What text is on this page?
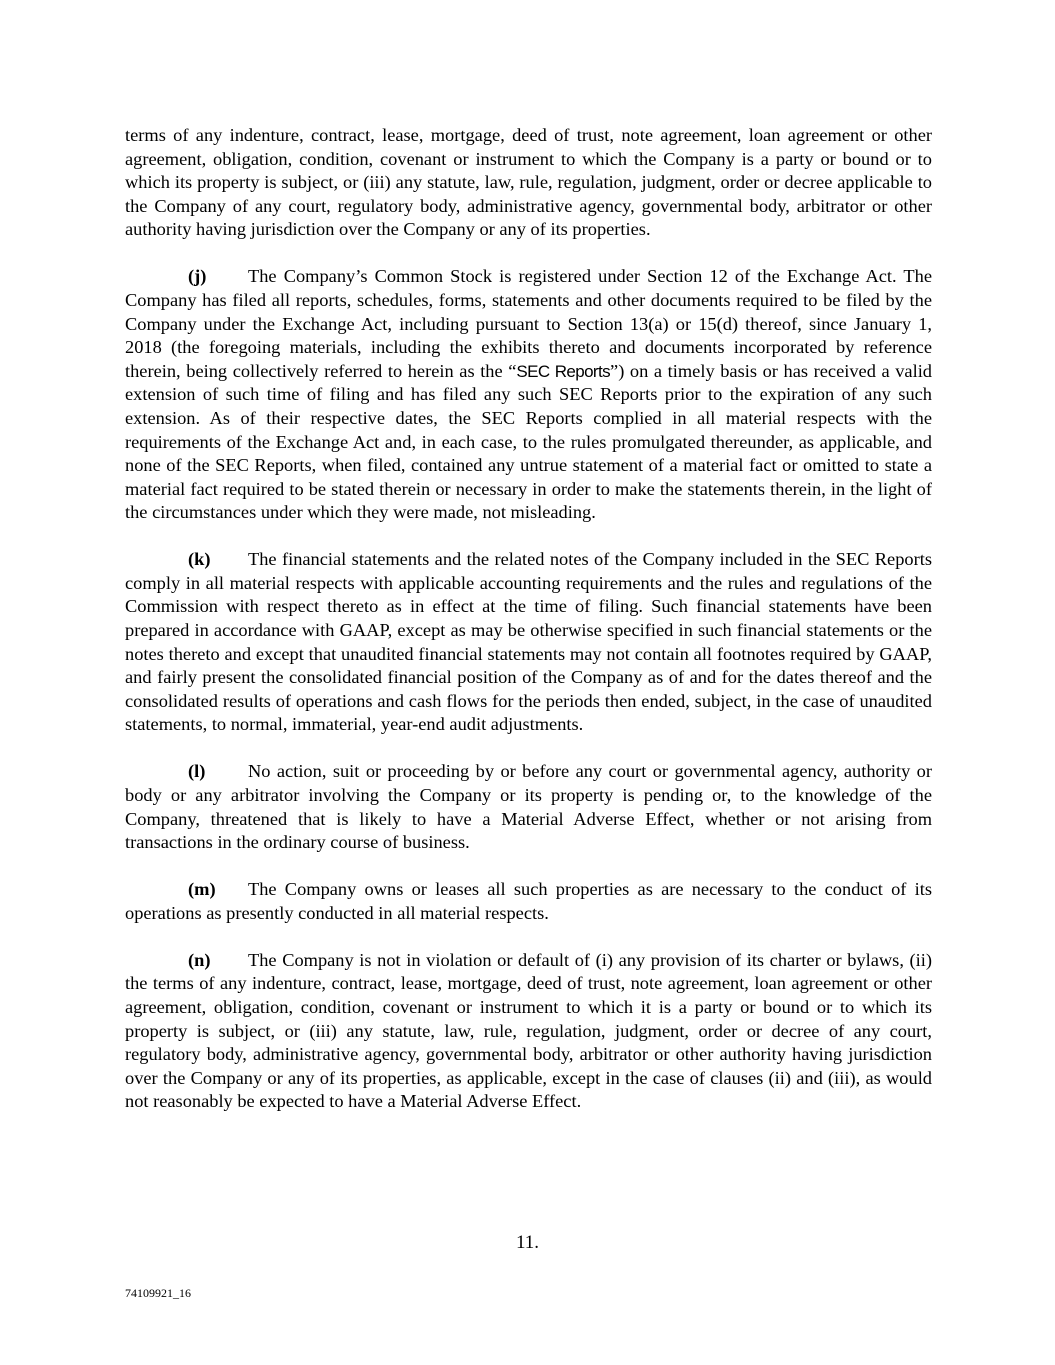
terms of any indenture, contract, lease, mortgage, deed of trust, note agreement, loan agreement or other agreement, obligation, condition, covenant or instrument to which the Company is a party or bound or to which its property is subject, or (iii) any statute, law, rule, regulation, judgment, order or decree applicable to the Company of any court, regulatory body, administrative agency, governmental body, arbitrator or other authority having jurisdiction over the Company or any of its properties.

(j) The Company’s Common Stock is registered under Section 12 of the Exchange Act. The Company has filed all reports, schedules, forms, statements and other documents required to be filed by the Company under the Exchange Act, including pursuant to Section 13(a) or 15(d) thereof, since January 1, 2018 (the foregoing materials, including the exhibits thereto and documents incorporated by reference therein, being collectively referred to herein as the “SEC Reports”) on a timely basis or has received a valid extension of such time of filing and has filed any such SEC Reports prior to the expiration of any such extension. As of their respective dates, the SEC Reports complied in all material respects with the requirements of the Exchange Act and, in each case, to the rules promulgated thereunder, as applicable, and none of the SEC Reports, when filed, contained any untrue statement of a material fact or omitted to state a material fact required to be stated therein or necessary in order to make the statements therein, in the light of the circumstances under which they were made, not misleading.

(k) The financial statements and the related notes of the Company included in the SEC Reports comply in all material respects with applicable accounting requirements and the rules and regulations of the Commission with respect thereto as in effect at the time of filing. Such financial statements have been prepared in accordance with GAAP, except as may be otherwise specified in such financial statements or the notes thereto and except that unaudited financial statements may not contain all footnotes required by GAAP, and fairly present the consolidated financial position of the Company as of and for the dates thereof and the consolidated results of operations and cash flows for the periods then ended, subject, in the case of unaudited statements, to normal, immaterial, year-end audit adjustments.

(l) No action, suit or proceeding by or before any court or governmental agency, authority or body or any arbitrator involving the Company or its property is pending or, to the knowledge of the Company, threatened that is likely to have a Material Adverse Effect, whether or not arising from transactions in the ordinary course of business.

(m) The Company owns or leases all such properties as are necessary to the conduct of its operations as presently conducted in all material respects.

(n) The Company is not in violation or default of (i) any provision of its charter or bylaws, (ii) the terms of any indenture, contract, lease, mortgage, deed of trust, note agreement, loan agreement or other agreement, obligation, condition, covenant or instrument to which it is a party or bound or to which its property is subject, or (iii) any statute, law, rule, regulation, judgment, order or decree of any court, regulatory body, administrative agency, governmental body, arbitrator or other authority having jurisdiction over the Company or any of its properties, as applicable, except in the case of clauses (ii) and (iii), as would not reasonably be expected to have a Material Adverse Effect.

11.
74109921_16
